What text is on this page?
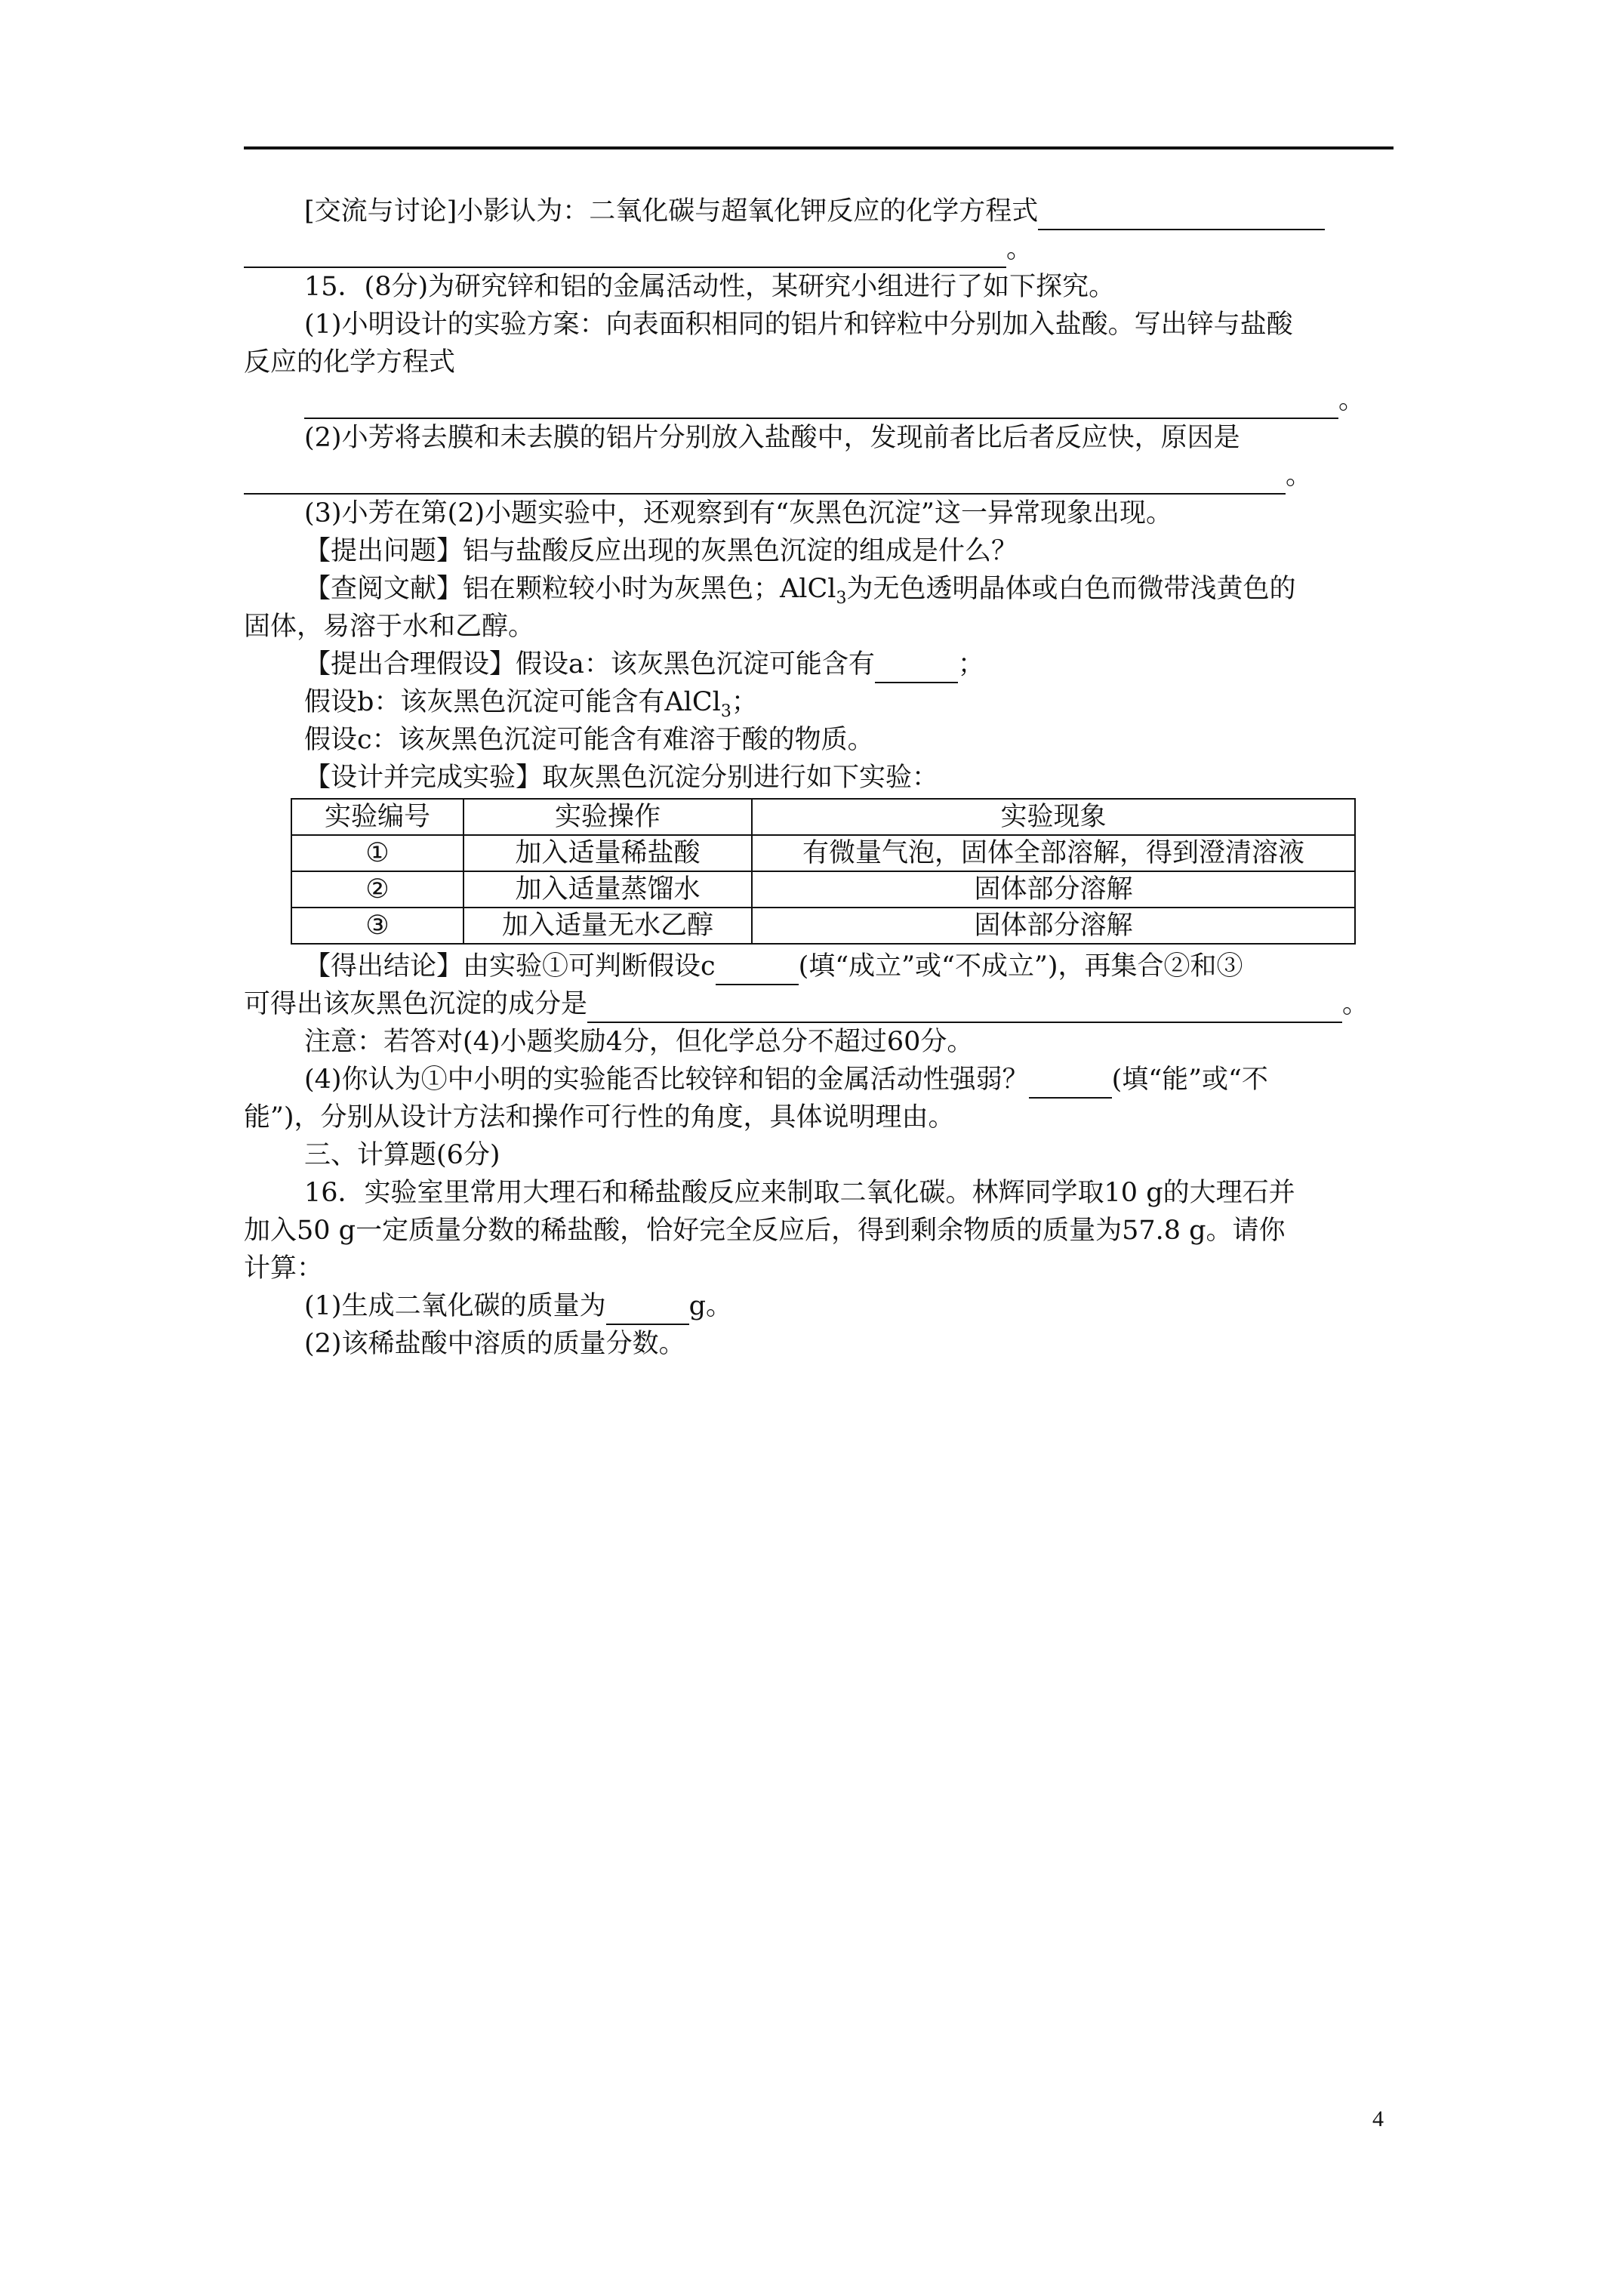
[交流与讨论]小影认为：二氧化碳与超氧化钾反应的化学方程式
。
15．(8分)为研究锌和铝的金属活动性，某研究小组进行了如下探究。
(1)小明设计的实验方案：向表面积相同的铝片和锌粒中分别加入盐酸。写出锌与盐酸
反应的化学方程式
。
(2)小芳将去膜和未去膜的铝片分别放入盐酸中，发现前者比后者反应快，原因是
。
(3)小芳在第(2)小题实验中，还观察到有“灰黑色沉淀”这一异常现象出现。
【提出问题】铝与盐酸反应出现的灰黑色沉淀的组成是什么？
【查阅文献】铝在颗粒较小时为灰黑色；AlCl$_3$为无色透明晶体或白色而微带浅黄色的
固体，易溶于水和乙醇。
【提出合理假设】假设a：该灰黑色沉淀可能含有	；
假设b：该灰黑色沉淀可能含有AlCl$_3$；
假设c：该灰黑色沉淀可能含有难溶于酸的物质。
【设计并完成实验】取灰黑色沉淀分别进行如下实验：
实验编号	实验操作	实验现象
①	加入适量稀盐酸	有微量气泡，固体全部溶解，得到澄清溶液
②	加入适量蒸馏水	固体部分溶解
③	加入适量无水乙醇	固体部分溶解
【得出结论】由实验①可判断假设c	(填“成立”或“不成立”)，再集合②和③
可得出该灰黑色沉淀的成分是	。
注意：若答对(4)小题奖励4分，但化学总分不超过60分。
(4)你认为①中小明的实验能否比较锌和铝的金属活动性强弱？	(填“能”或“不
能”)，分别从设计方法和操作可行性的角度，具体说明理由。
三、计算题(6分)
16．实验室里常用大理石和稀盐酸反应来制取二氧化碳。林辉同学取10 g的大理石并
加入50 g一定质量分数的稀盐酸，恰好完全反应后，得到剩余物质的质量为57.8 g。请你
计算：
(1)生成二氧化碳的质量为	g。
(2)该稀盐酸中溶质的质量分数。
4
